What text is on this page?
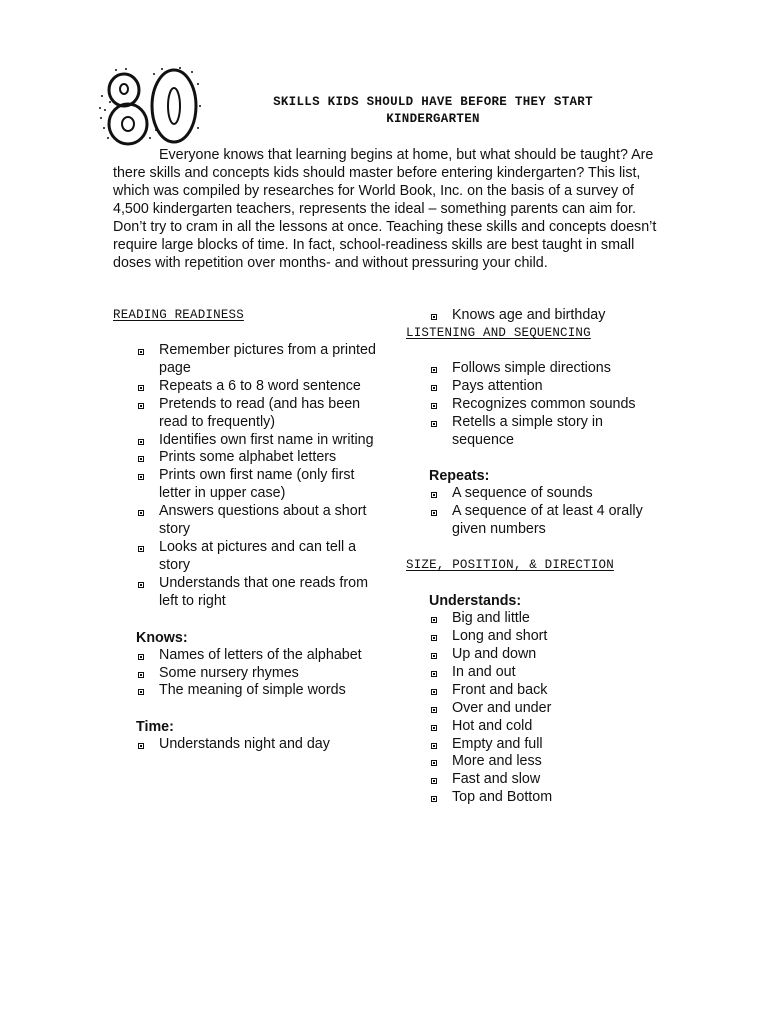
SKILLS KIDS SHOULD HAVE BEFORE THEY START
KINDERGARTEN

Everyone knows that learning begins at home, but what should be taught? Are there skills and concepts kids should master before entering kindergarten? This list, which was compiled by researches for World Book, Inc. on the basis of a survey of 4,500 kindergarten teachers, represents the ideal – something parents can aim for. Don’t try to cram in all the lessons at once. Teaching these skills and concepts doesn’t require large blocks of time. In fact, school-readiness skills are best taught in small doses with repetition over months- and without pressuring your child.

READING READINESS

Remember pictures from a printed page
Repeats a 6 to 8 word sentence
Pretends to read (and has been read to frequently)
Identifies own first name in writing
Prints some alphabet letters
Prints own first name (only first letter in upper case)
Answers questions about a short story
Looks at pictures and can tell a story
Understands that one reads from left to right

Knows:

Names of letters of the alphabet
Some nursery rhymes
The meaning of simple words

Time:

Understands night and day
Knows age and birthday

LISTENING AND SEQUENCING

Follows simple directions
Pays attention
Recognizes common sounds
Retells a simple story in sequence

Repeats:

A sequence of sounds
A sequence of at least 4 orally given numbers

SIZE, POSITION, & DIRECTION

Understands:

Big and little
Long and short
Up and down
In and out
Front and back
Over and under
Hot and cold
Empty and full
More and less
Fast and slow
Top and Bottom
